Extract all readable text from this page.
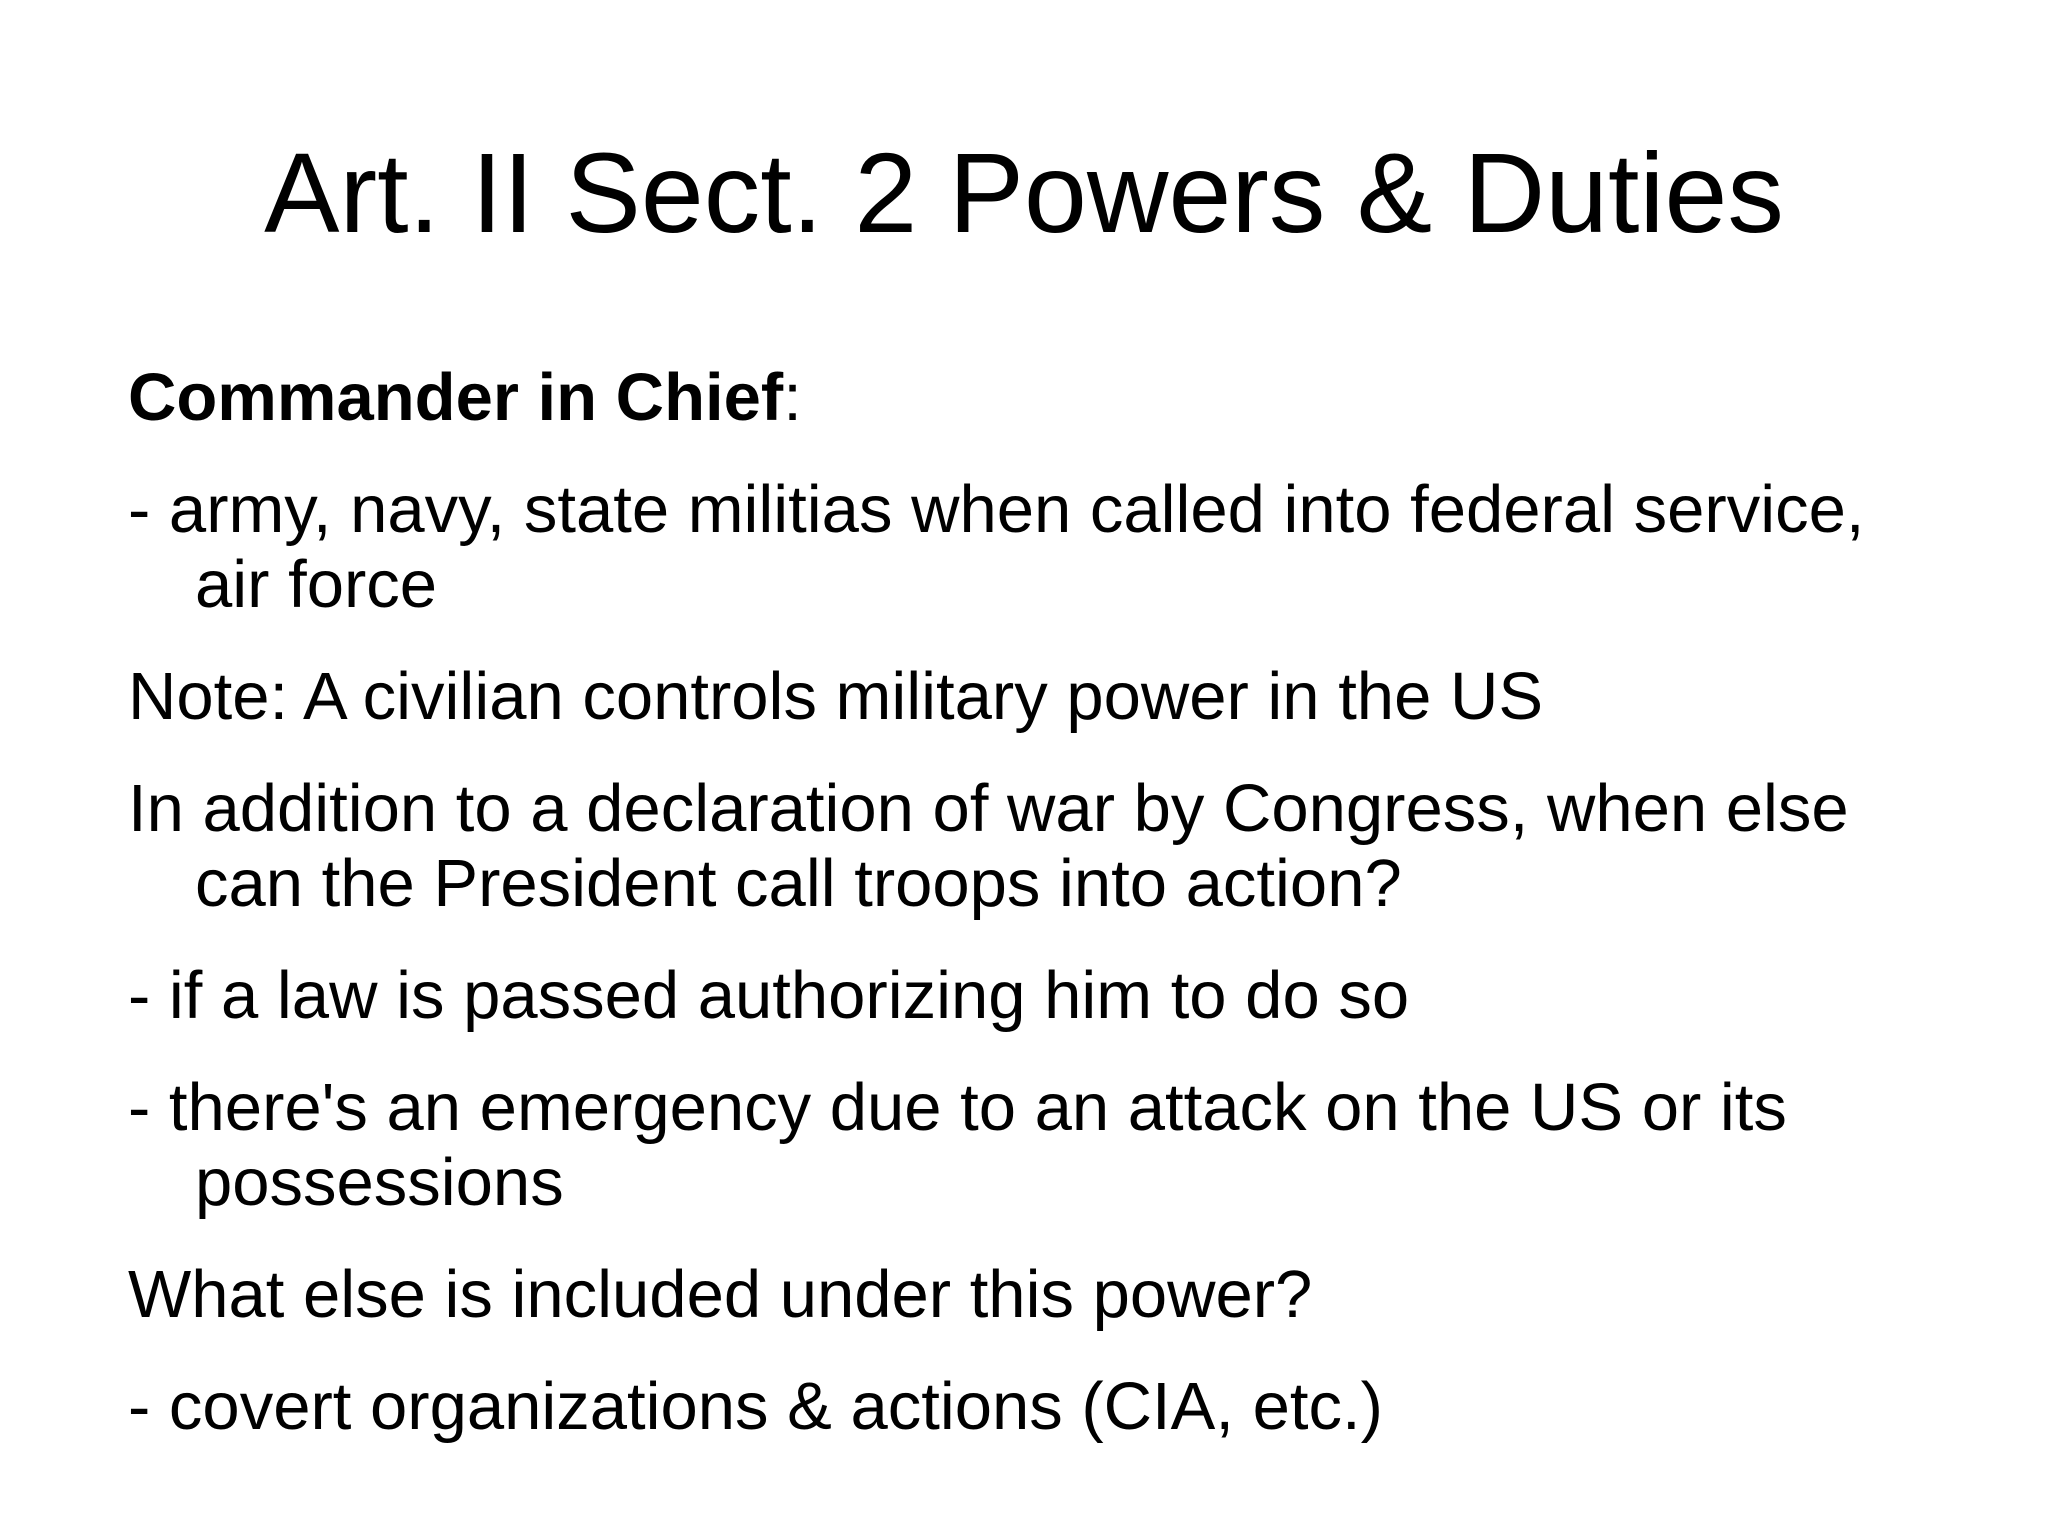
Art. II Sect. 2 Powers & Duties

Commander in Chief:

- army, navy, state militias when called into federal service, air force

Note: A civilian controls military power in the US

In addition to a declaration of war by Congress, when else can the President call troops into action?

- if a law is passed authorizing him to do so

- there's an emergency due to an attack on the US or its possessions

What else is included under this power?

- covert organizations & actions (CIA, etc.)
